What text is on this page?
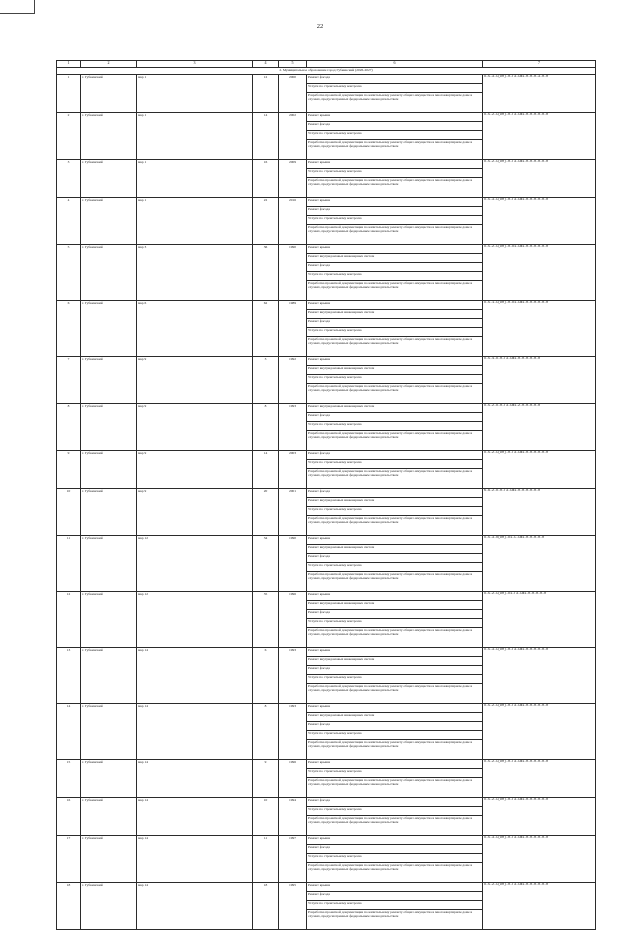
22
1	2	3	4	5	6	7
2. Муниципальное образование город Губкинский (2026-2027)						
1	г. Губкинский	мкр 1	12	2000	Ремонт фасада	П-5-3-С(кп)-0-Г3-СЖ1-0-0-0-3-0-0
					Услуги по строительному контролю	
					Разработка проектной документации по капитальному ремонту общего имущества в многоквартирном доме в случаях, предусмотренных федеральным законодательством	
2	г. Губкинский	мкр 1	14	2002	Ремонт крыши	П-5-2-С(кп)-0-Г3-СЖ1-0-0-0-0-0-0
					Ремонт фасада	
					Услуги по строительному контролю	
					Разработка проектной документации по капитальному ремонту общего имущества в многоквартирном доме в случаях, предусмотренных федеральным законодательством	
3	г. Губкинский	мкр 1	16	2009	Ремонт крыши	П-5-2-С(кп)-0-Г3-СЖ1-0-0-0-0-0-0
					Услуги по строительному контролю	
					Разработка проектной документации по капитальному ремонту общего имущества в многоквартирном доме в случаях, предусмотренных федеральным законодательством	
4	г. Губкинский	мкр 1	22	2016	Ремонт крыши	П-5-3-С(кп)-0-Г3-СЖ1-0-0-0-0-0-0
					Ремонт фасада	
					Услуги по строительному контролю	
					Разработка проектной документации по капитальному ремонту общего имущества в многоквартирном доме в случаях, предусмотренных федеральным законодательством	
5	г. Губкинский	мкр 3	36	1990	Ремонт крыши	П-5-2-С(кп)-0-П1-СЖ1-0-0-0-0-0-0
					Ремонт внутридомовых инженерных систем	
					Ремонт фасада	
					Услуги по строительному контролю	
					Разработка проектной документации по капитальному ремонту общего имущества в многоквартирном доме в случаях, предусмотренных федеральным законодательством	
6	г. Губкинский	мкр 6	62	1989	Ремонт крыши	П-5-1-С(кп)-0-П1-СЖ1-0-0-0-0-0-0
					Ремонт внутридомовых инженерных систем	
					Ремонт фасада	
					Услуги по строительному контролю	
					Разработка проектной документации по капитальному ремонту общего имущества в многоквартирном доме в случаях, предусмотренных федеральным законодательством	
7	г. Губкинский	мкр 9	3	1992	Ремонт крыши	П-5-4-П-0-Г3-СЖ1-0-0-0-0-0-0
					Ремонт внутридомовых инженерных систем	
					Услуги по строительному контролю	
					Разработка проектной документации по капитальному ремонту общего имущества в многоквартирном доме в случаях, предусмотренных федеральным законодательством	
8	г. Губкинский	мкр 9	8	1993	Ремонт внутридомовых инженерных систем	П-5-2-П-0-Г3-СЖ1-2-0-0-0-0-0
					Ремонт фасада	
					Услуги по строительному контролю	
					Разработка проектной документации по капитальному ремонту общего имущества в многоквартирном доме в случаях, предусмотренных федеральным законодательством	
9	г. Губкинский	мкр 9	14	2003	Ремонт фасада	П-5-2-С(кп)-0-Г3-СЖ1-0-0-0-0-0-0
					Услуги по строительному контролю	
					Разработка проектной документации по капитальному ремонту общего имущества в многоквартирном доме в случаях, предусмотренных федеральным законодательством	
10	г. Губкинский	мкр 9	20	2001	Ремонт фасада	К-6-2-П-0-Г3-СЖ1-0-0-0-0-0-0
					Ремонт внутридомовых инженерных систем	
					Услуги по строительному контролю	
					Разработка проектной документации по капитальному ремонту общего имущества в многоквартирном доме в случаях, предусмотренных федеральным законодательством	
11	г. Губкинский	мкр 12	34	1990	Ремонт крыши	П-5-3-О(кп)-П1-С-СЖ1-0-0-0-0-0
					Ремонт внутридомовых инженерных систем	
					Ремонт фасада	
					Услуги по строительному контролю	
					Разработка проектной документации по капитальному ремонту общего имущества в многоквартирном доме в случаях, предусмотренных федеральным законодательством	
12	г. Губкинский	мкр 12	35	1996	Ремонт крыши	П-5-2-С(кп)-П1-Г3-СЖ1-0-0-0-0-0
					Ремонт внутридомовых инженерных систем	
					Ремонт фасада	
					Услуги по строительному контролю	
					Разработка проектной документации по капитальному ремонту общего имущества в многоквартирном доме в случаях, предусмотренных федеральным законодательством	
13	г. Губкинский	мкр 14	6	1993	Ремонт крыши	П-5-3-С(кп)-0-Г3-СЖ1-0-0-0-0-0-0
					Ремонт внутридомовых инженерных систем	
					Ремонт фасада	
					Услуги по строительному контролю	
					Разработка проектной документации по капитальному ремонту общего имущества в многоквартирном доме в случаях, предусмотренных федеральным законодательством	
14	г. Губкинский	мкр 14	8	1993	Ремонт крыши	П-5-2-С(кп)-0-Г3-СЖ1-0-0-0-0-0-0
					Ремонт внутридомовых инженерных систем	
					Ремонт фасада	
					Услуги по строительному контролю	
					Разработка проектной документации по капитальному ремонту общего имущества в многоквартирном доме в случаях, предусмотренных федеральным законодательством	
15	г. Губкинский	мкр 14	9	1996	Ремонт крыши	П-5-2-С(кп)-0-Г3-СЖ1-0-0-0-0-0-0
					Услуги по строительному контролю	
					Разработка проектной документации по капитальному ремонту общего имущества в многоквартирном доме в случаях, предусмотренных федеральным законодательством	
16	г. Губкинский	мкр 14	10	1994	Ремонт фасада	П-5-2-С(кп)-0-Г3-СЖ1-0-0-0-0-0-0
					Услуги по строительному контролю	
					Разработка проектной документации по капитальному ремонту общего имущества в многоквартирном доме в случаях, предусмотренных федеральным законодательством	
17	г. Губкинский	мкр 14	11	1997	Ремонт крыши	П-5-3-С(кп)-0-Г3-СЖ1-0-0-0-0-0-0
					Ремонт фасада	
					Услуги по строительному контролю	
					Разработка проектной документации по капитальному ремонту общего имущества в многоквартирном доме в случаях, предусмотренных федеральным законодательством	
18	г. Губкинский	мкр 14	18	1995	Ремонт крыши	П-5-2-С(кп)-0-Г3-СЖ1-0-0-0-0-0-0
					Ремонт фасада	
					Услуги по строительному контролю	
					Разработка проектной документации по капитальному ремонту общего имущества в многоквартирном доме в случаях, предусмотренных федеральным законодательством	
